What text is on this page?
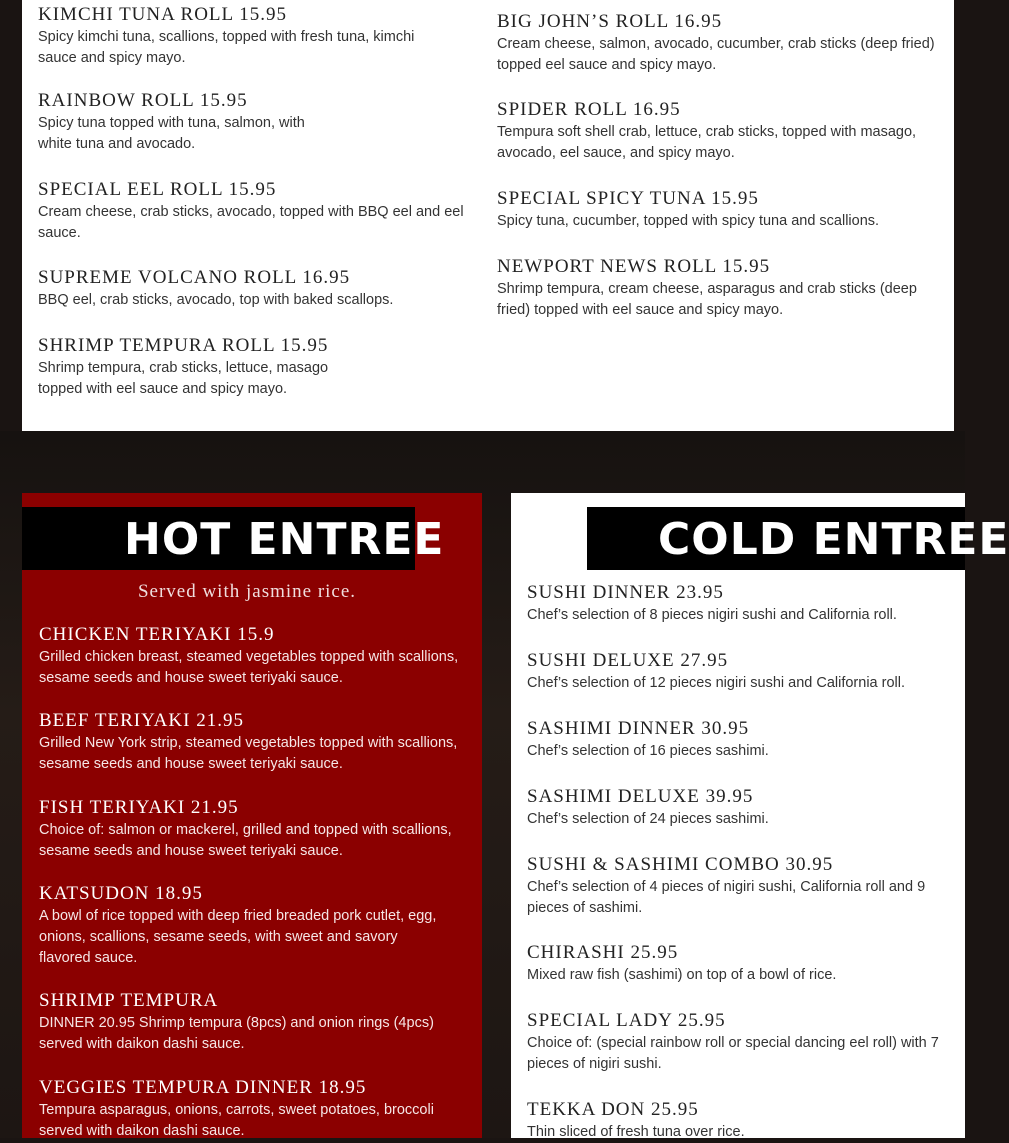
KIMCHI TUNA ROLL 15.95
Spicy kimchi tuna, scallions, topped with fresh tuna, kimchi sauce and spicy mayo.
RAINBOW ROLL 15.95
Spicy tuna topped with tuna, salmon, with white tuna and avocado.
SPECIAL EEL ROLL 15.95
Cream cheese, crab sticks, avocado, topped with BBQ eel and eel sauce.
SUPREME VOLCANO ROLL 16.95
BBQ eel, crab sticks, avocado, top with baked scallops.
SHRIMP TEMPURA ROLL 15.95
Shrimp tempura, crab sticks, lettuce, masago topped with eel sauce and spicy mayo.
BIG JOHN’S ROLL 16.95
Cream cheese, salmon, avocado, cucumber, crab sticks (deep fried) topped eel sauce and spicy mayo.
SPIDER ROLL 16.95
Tempura soft shell crab, lettuce, crab sticks, topped with masago, avocado, eel sauce, and spicy mayo.
SPECIAL SPICY TUNA 15.95
Spicy tuna, cucumber, topped with spicy tuna and scallions.
NEWPORT NEWS ROLL 15.95
Shrimp tempura, cream cheese, asparagus and crab sticks (deep fried) topped with eel sauce and spicy mayo.
HOT ENTREE
Served with jasmine rice.
CHICKEN TERIYAKI 15.9
Grilled chicken breast, steamed vegetables topped with scallions, sesame seeds and house sweet teriyaki sauce.
BEEF TERIYAKI 21.95
Grilled New York strip, steamed vegetables topped with scallions, sesame seeds and house sweet teriyaki sauce.
FISH TERIYAKI 21.95
Choice of: salmon or mackerel, grilled and topped with scallions, sesame seeds and house sweet teriyaki sauce.
KATSUDON 18.95
A bowl of rice topped with deep fried breaded pork cutlet, egg, onions, scallions, sesame seeds, with sweet and savory flavored sauce.
SHRIMP TEMPURA
DINNER 20.95 Shrimp tempura (8pcs) and onion rings (4pcs) served with daikon dashi sauce.
VEGGIES TEMPURA DINNER 18.95
Tempura asparagus, onions, carrots, sweet potatoes, broccoli served with daikon dashi sauce.
COLD ENTREE
SUSHI DINNER 23.95
Chef’s selection of 8 pieces nigiri sushi and California roll.
SUSHI DELUXE 27.95
Chef’s selection of 12 pieces nigiri sushi and California roll.
SASHIMI DINNER 30.95
Chef’s selection of 16 pieces sashimi.
SASHIMI DELUXE 39.95
Chef’s selection of 24 pieces sashimi.
SUSHI & SASHIMI COMBO 30.95
Chef’s selection of 4 pieces of nigiri sushi, California roll and 9 pieces of sashimi.
CHIRASHI 25.95
Mixed raw fish (sashimi) on top of a bowl of rice.
SPECIAL LADY 25.95
Choice of: (special rainbow roll or special dancing eel roll) with 7 pieces of nigiri sushi.
TEKKA DON 25.95
Thin sliced of fresh tuna over rice.
